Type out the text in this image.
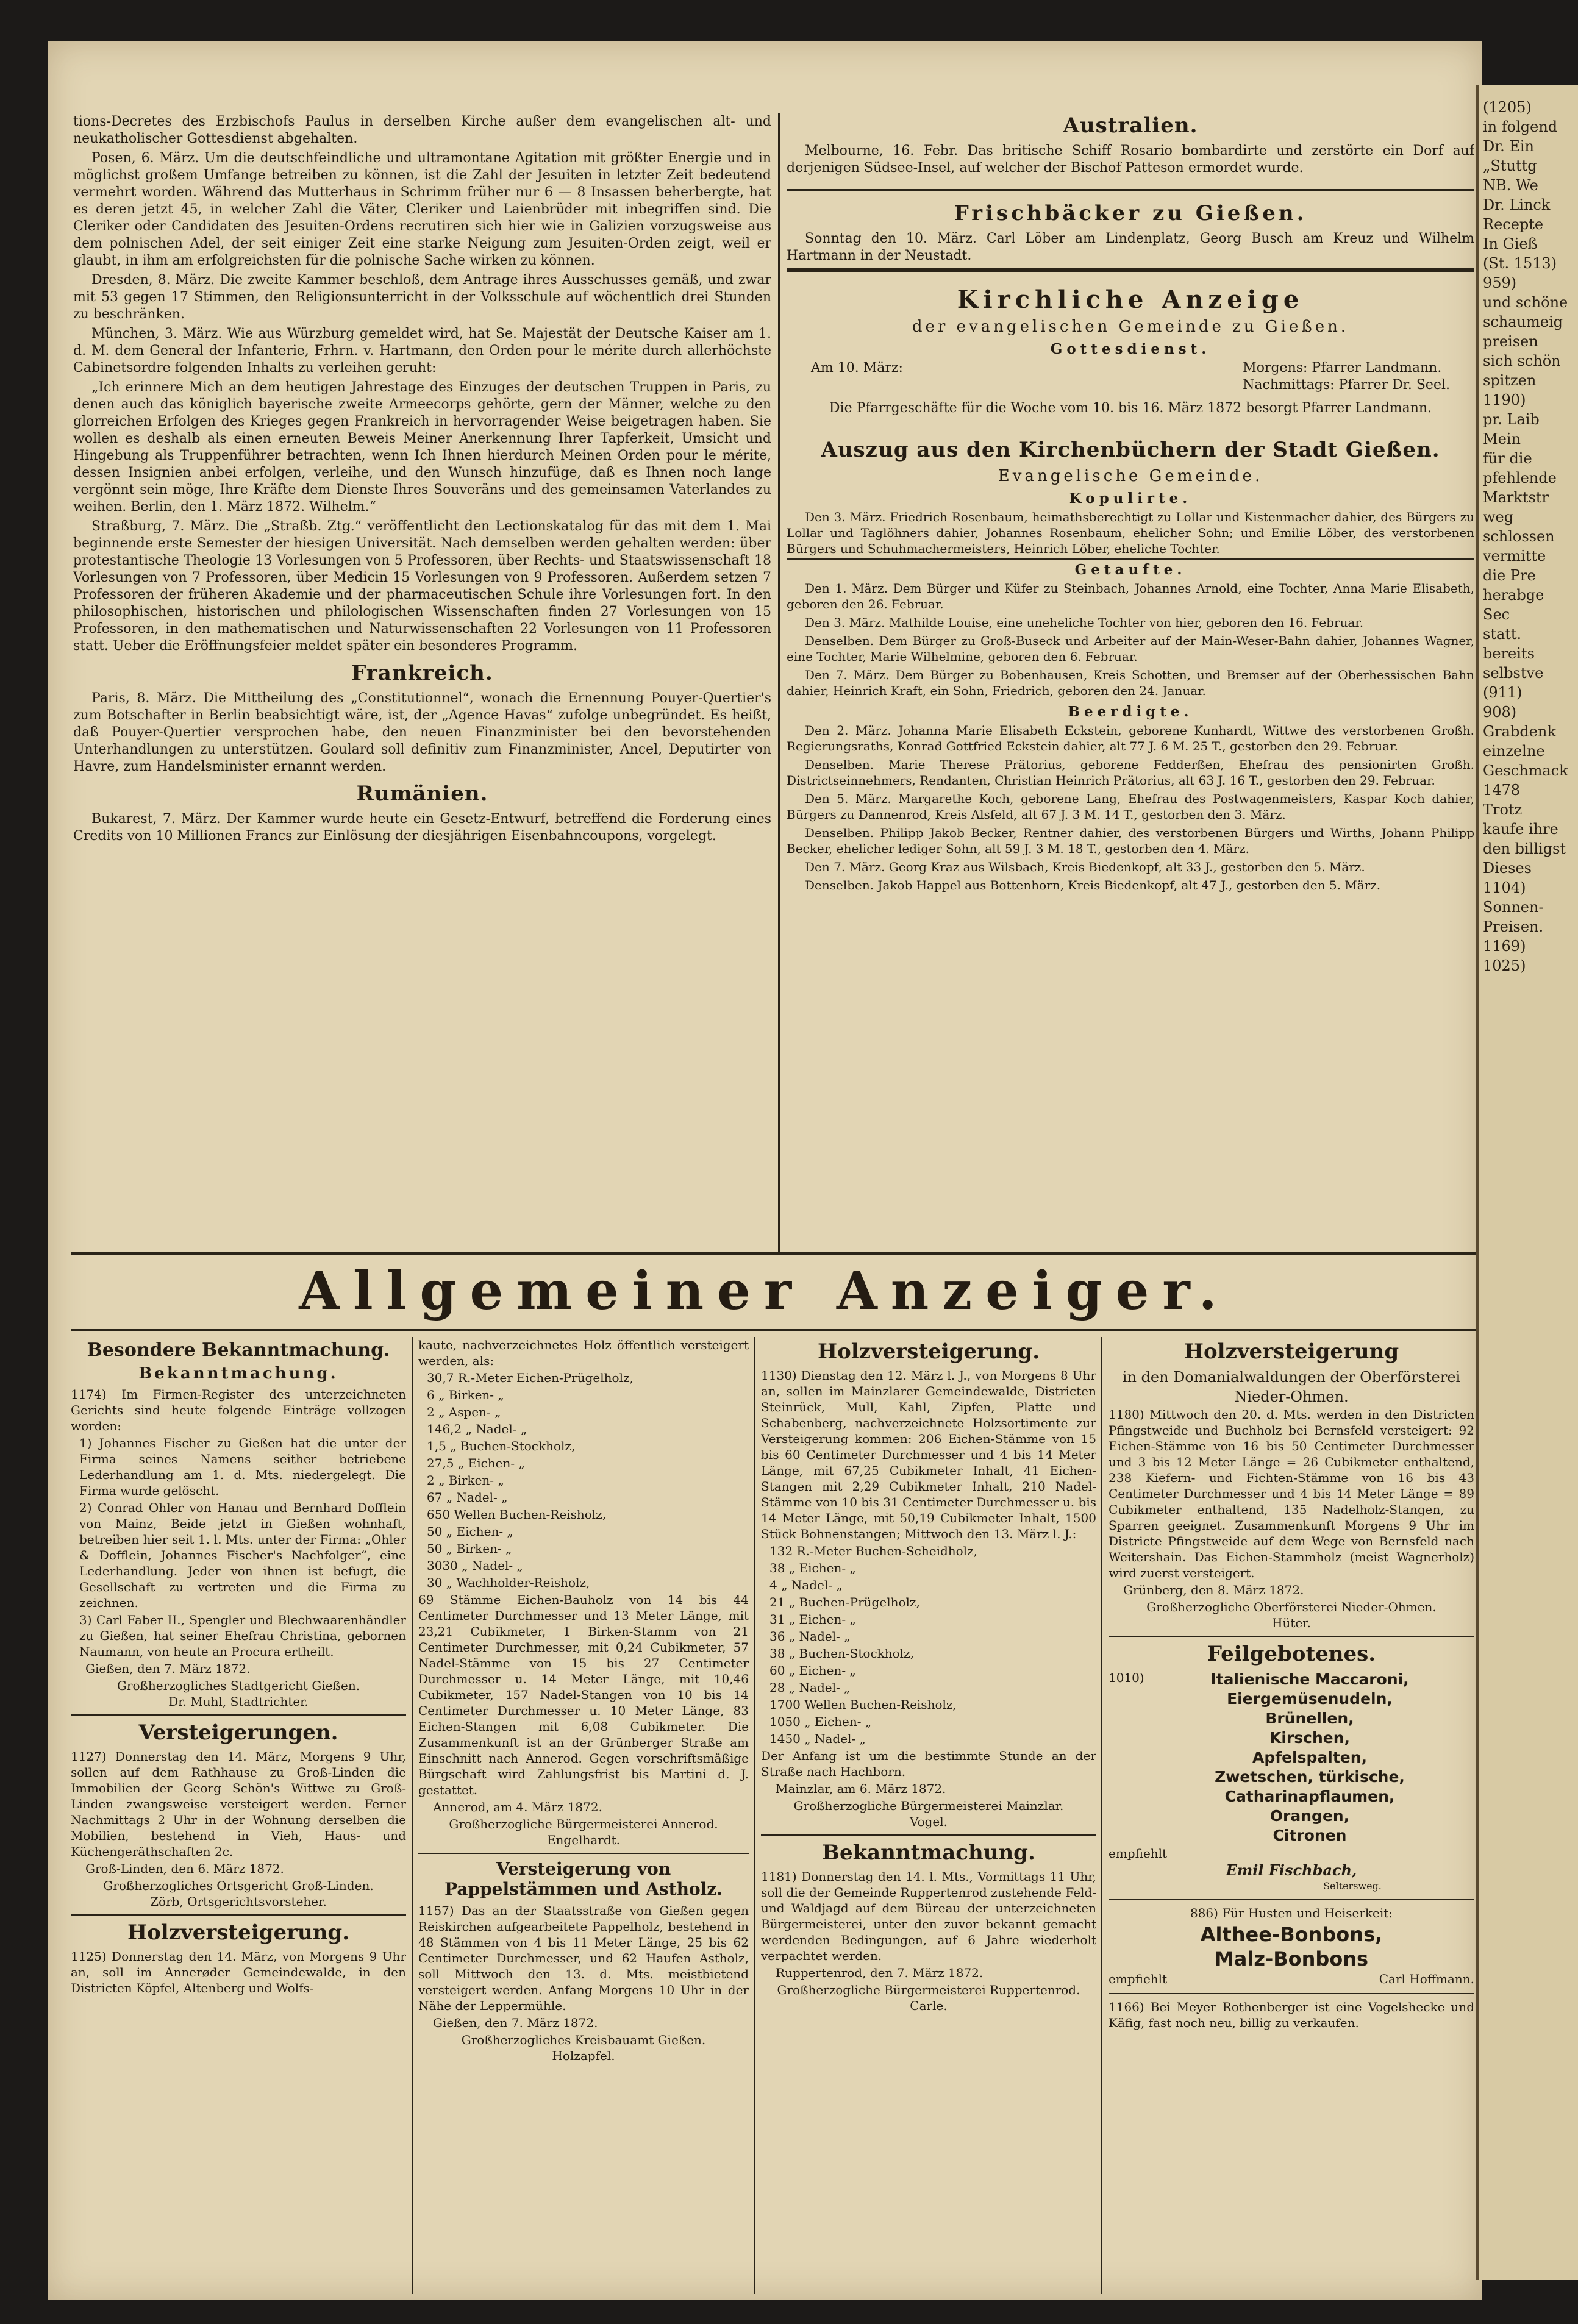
tions-Decretes des Erzbischofs Paulus in derselben Kirche außer dem evangelischen alt- und neukatholischer Gottesdienst abgehalten.

Posen, 6. März. Um die deutschfeindliche und ultramontane Agitation mit größter Energie und in möglichst großem Umfange betreiben zu können, ist die Zahl der Jesuiten in letzter Zeit bedeutend vermehrt worden. Während das Mutterhaus in Schrimm früher nur 6 — 8 Insassen beherbergte, hat es deren jetzt 45, in welcher Zahl die Väter, Cleriker und Laienbrüder mit inbegriffen sind. Die Cleriker oder Candidaten des Jesuiten-Ordens recrutiren sich hier wie in Galizien vorzugsweise aus dem polnischen Adel, der seit einiger Zeit eine starke Neigung zum Jesuiten-Orden zeigt, weil er glaubt, in ihm am erfolgreichsten für die polnische Sache wirken zu können.

Dresden, 8. März. Die zweite Kammer beschloß, dem Antrage ihres Ausschusses gemäß, und zwar mit 53 gegen 17 Stimmen, den Religionsunterricht in der Volksschule auf wöchentlich drei Stunden zu beschränken.

München, 3. März. Wie aus Würzburg gemeldet wird, hat Se. Majestät der Deutsche Kaiser am 1. d. M. dem General der Infanterie, Frhrn. v. Hartmann, den Orden pour le mérite durch allerhöchste Cabinetsordre folgenden Inhalts zu verleihen geruht:

„Ich erinnere Mich an dem heutigen Jahrestage des Einzuges der deutschen Truppen in Paris, zu denen auch das königlich bayerische zweite Armeecorps gehörte, gern der Männer, welche zu den glorreichen Erfolgen des Krieges gegen Frankreich in hervorragender Weise beigetragen haben. Sie wollen es deshalb als einen erneuten Beweis Meiner Anerkennung Ihrer Tapferkeit, Umsicht und Hingebung als Truppenführer betrachten, wenn Ich Ihnen hierdurch Meinen Orden pour le mérite, dessen Insignien anbei erfolgen, verleihe, und den Wunsch hinzufüge, daß es Ihnen noch lange vergönnt sein möge, Ihre Kräfte dem Dienste Ihres Souveräns und des gemeinsamen Vaterlandes zu weihen. Berlin, den 1. März 1872. Wilhelm.“

Straßburg, 7. März. Die „Straßb. Ztg.“ veröffentlicht den Lectionskatalog für das mit dem 1. Mai beginnende erste Semester der hiesigen Universität. Nach demselben werden gehalten werden: über protestantische Theologie 13 Vorlesungen von 5 Professoren, über Rechts- und Staatswissenschaft 18 Vorlesungen von 7 Professoren, über Medicin 15 Vorlesungen von 9 Professoren. Außerdem setzen 7 Professoren der früheren Akademie und der pharmaceutischen Schule ihre Vorlesungen fort. In den philosophischen, historischen und philologischen Wissenschaften finden 27 Vorlesungen von 15 Professoren, in den mathematischen und Naturwissenschaften 22 Vorlesungen von 11 Professoren statt. Ueber die Eröffnungsfeier meldet später ein besonderes Programm.

Frankreich.

Paris, 8. März. Die Mittheilung des „Constitutionnel“, wonach die Ernennung Pouyer-Quertier's zum Botschafter in Berlin beabsichtigt wäre, ist, der „Agence Havas“ zufolge unbegründet. Es heißt, daß Pouyer-Quertier versprochen habe, den neuen Finanzminister bei den bevorstehenden Unterhandlungen zu unterstützen. Goulard soll definitiv zum Finanzminister, Ancel, Deputirter von Havre, zum Handelsminister ernannt werden.

Rumänien.

Bukarest, 7. März. Der Kammer wurde heute ein Gesetz-Entwurf, betreffend die Forderung eines Credits von 10 Millionen Francs zur Einlösung der diesjährigen Eisenbahncoupons, vorgelegt.

Australien.

Melbourne, 16. Febr. Das britische Schiff Rosario bombardirte und zerstörte ein Dorf auf derjenigen Südsee-Insel, auf welcher der Bischof Patteson ermordet wurde.

Frischbäcker zu Gießen.

Sonntag den 10. März. Carl Löber am Lindenplatz, Georg Busch am Kreuz und Wilhelm Hartmann in der Neustadt.

Kirchliche Anzeige
der evangelischen Gemeinde zu Gießen.
Gottesdienst.
Am 10. März:	Morgens: Pfarrer Landmann.
Nachmittags: Pfarrer Dr. Seel.

Die Pfarrgeschäfte für die Woche vom 10. bis 16. März 1872 besorgt Pfarrer Landmann.

Auszug aus den Kirchenbüchern der Stadt Gießen.
Evangelische Gemeinde.
Kopulirte.

Den 3. März. Friedrich Rosenbaum, heimathsberechtigt zu Lollar und Kistenmacher dahier, des Bürgers zu Lollar und Taglöhners dahier, Johannes Rosenbaum, ehelicher Sohn; und Emilie Löber, des verstorbenen Bürgers und Schuhmachermeisters, Heinrich Löber, eheliche Tochter.

Getaufte.

Den 1. März. Dem Bürger und Küfer zu Steinbach, Johannes Arnold, eine Tochter, Anna Marie Elisabeth, geboren den 26. Februar.

Den 3. März. Mathilde Louise, eine uneheliche Tochter von hier, geboren den 16. Februar.

Denselben. Dem Bürger zu Groß-Buseck und Arbeiter auf der Main-Weser-Bahn dahier, Johannes Wagner, eine Tochter, Marie Wilhelmine, geboren den 6. Februar.

Den 7. März. Dem Bürger zu Bobenhausen, Kreis Schotten, und Bremser auf der Oberhessischen Bahn dahier, Heinrich Kraft, ein Sohn, Friedrich, geboren den 24. Januar.

Beerdigte.

Den 2. März. Johanna Marie Elisabeth Eckstein, geborene Kunhardt, Wittwe des verstorbenen Großh. Regierungsraths, Konrad Gottfried Eckstein dahier, alt 77 J. 6 M. 25 T., gestorben den 29. Februar.

Denselben. Marie Therese Prätorius, geborene Fedderßen, Ehefrau des pensionirten Großh. Districtseinnehmers, Rendanten, Christian Heinrich Prätorius, alt 63 J. 16 T., gestorben den 29. Februar.

Den 5. März. Margarethe Koch, geborene Lang, Ehefrau des Postwagenmeisters, Kaspar Koch dahier, Bürgers zu Dannenrod, Kreis Alsfeld, alt 67 J. 3 M. 14 T., gestorben den 3. März.

Denselben. Philipp Jakob Becker, Rentner dahier, des verstorbenen Bürgers und Wirths, Johann Philipp Becker, ehelicher lediger Sohn, alt 59 J. 3 M. 18 T., gestorben den 4. März.

Den 7. März. Georg Kraz aus Wilsbach, Kreis Biedenkopf, alt 33 J., gestorben den 5. März.

Denselben. Jakob Happel aus Bottenhorn, Kreis Biedenkopf, alt 47 J., gestorben den 5. März.

Allgemeiner Anzeiger.
Besondere Bekanntmachung.
Bekanntmachung.

1174) Im Firmen-Register des unterzeichneten Gerichts sind heute folgende Einträge vollzogen worden:

1) Johannes Fischer zu Gießen hat die unter der Firma seines Namens seither betriebene Lederhandlung am 1. d. Mts. niedergelegt. Die Firma wurde gelöscht.

2) Conrad Ohler von Hanau und Bernhard Dofflein von Mainz, Beide jetzt in Gießen wohnhaft, betreiben hier seit 1. l. Mts. unter der Firma: „Ohler & Dofflein, Johannes Fischer's Nachfolger“, eine Lederhandlung. Jeder von ihnen ist befugt, die Gesellschaft zu vertreten und die Firma zu zeichnen.

3) Carl Faber II., Spengler und Blechwaarenhändler zu Gießen, hat seiner Ehefrau Christina, gebornen Naumann, von heute an Procura ertheilt.

Gießen, den 7. März 1872.

Großherzogliches Stadtgericht Gießen.
Dr. Muhl, Stadtrichter.
Versteigerungen.

1127) Donnerstag den 14. März, Morgens 9 Uhr, sollen auf dem Rathhause zu Groß-Linden die Immobilien der Georg Schön's Wittwe zu Groß-Linden zwangsweise versteigert werden. Ferner Nachmittags 2 Uhr in der Wohnung derselben die Mobilien, bestehend in Vieh, Haus- und Küchengeräthschaften 2c.

Groß-Linden, den 6. März 1872.

Großherzogliches Ortsgericht Groß-Linden.
Zörb, Ortsgerichtsvorsteher.
Holzversteigerung.

1125) Donnerstag den 14. März, von Morgens 9 Uhr an, soll im Annerøder Gemeindewalde, in den Districten Köpfel, Altenberg und Wolfs-

kaute, nachverzeichnetes Holz öffentlich versteigert werden, als:

30,7 R.-Meter Eichen-Prügelholz,
6 „ Birken- „
2 „ Aspen- „
146,2 „ Nadel- „
1,5 „ Buchen-Stockholz,
27,5 „ Eichen- „
2 „ Birken- „
67 „ Nadel- „
650 Wellen Buchen-Reisholz,
50 „ Eichen- „
50 „ Birken- „
3030 „ Nadel- „
30 „ Wachholder-Reisholz,

69 Stämme Eichen-Bauholz von 14 bis 44 Centimeter Durchmesser und 13 Meter Länge, mit 23,21 Cubikmeter, 1 Birken-Stamm von 21 Centimeter Durchmesser, mit 0,24 Cubikmeter, 57 Nadel-Stämme von 15 bis 27 Centimeter Durchmesser u. 14 Meter Länge, mit 10,46 Cubikmeter, 157 Nadel-Stangen von 10 bis 14 Centimeter Durchmesser u. 10 Meter Länge, 83 Eichen-Stangen mit 6,08 Cubikmeter. Die Zusammenkunft ist an der Grünberger Straße am Einschnitt nach Annerod. Gegen vorschriftsmäßige Bürgschaft wird Zahlungsfrist bis Martini d. J. gestattet.

Annerod, am 4. März 1872.

Großherzogliche Bürgermeisterei Annerod.
Engelhardt.
Versteigerung von Pappelstämmen und Astholz.

1157) Das an der Staatsstraße von Gießen gegen Reiskirchen aufgearbeitete Pappelholz, bestehend in 48 Stämmen von 4 bis 11 Meter Länge, 25 bis 62 Centimeter Durchmesser, und 62 Haufen Astholz, soll Mittwoch den 13. d. Mts. meistbietend versteigert werden. Anfang Morgens 10 Uhr in der Nähe der Leppermühle.

Gießen, den 7. März 1872.

Großherzogliches Kreisbauamt Gießen.
Holzapfel.
Holzversteigerung.

1130) Dienstag den 12. März l. J., von Morgens 8 Uhr an, sollen im Mainzlarer Gemeindewalde, Districten Steinrück, Mull, Kahl, Zipfen, Platte und Schabenberg, nachverzeichnete Holzsortimente zur Versteigerung kommen: 206 Eichen-Stämme von 15 bis 60 Centimeter Durchmesser und 4 bis 14 Meter Länge, mit 67,25 Cubikmeter Inhalt, 41 Eichen-Stangen mit 2,29 Cubikmeter Inhalt, 210 Nadel-Stämme von 10 bis 31 Centimeter Durchmesser u. bis 14 Meter Länge, mit 50,19 Cubikmeter Inhalt, 1500 Stück Bohnenstangen; Mittwoch den 13. März l. J.:

132 R.-Meter Buchen-Scheidholz,
38 „ Eichen- „
4 „ Nadel- „
21 „ Buchen-Prügelholz,
31 „ Eichen- „
36 „ Nadel- „
38 „ Buchen-Stockholz,
60 „ Eichen- „
28 „ Nadel- „
1700 Wellen Buchen-Reisholz,
1050 „ Eichen- „
1450 „ Nadel- „

Der Anfang ist um die bestimmte Stunde an der Straße nach Hachborn.

Mainzlar, am 6. März 1872.

Großherzogliche Bürgermeisterei Mainzlar.
Vogel.
Bekanntmachung.

1181) Donnerstag den 14. l. Mts., Vormittags 11 Uhr, soll die der Gemeinde Ruppertenrod zustehende Feld- und Waldjagd auf dem Büreau der unterzeichneten Bürgermeisterei, unter den zuvor bekannt gemacht werdenden Bedingungen, auf 6 Jahre wiederholt verpachtet werden.

Ruppertenrod, den 7. März 1872.

Großherzogliche Bürgermeisterei Ruppertenrod.
Carle.
Holzversteigerung
in den Domanialwaldungen der Oberförsterei Nieder-Ohmen.

1180) Mittwoch den 20. d. Mts. werden in den Districten Pfingstweide und Buchholz bei Bernsfeld versteigert: 92 Eichen-Stämme von 16 bis 50 Centimeter Durchmesser und 3 bis 12 Meter Länge = 26 Cubikmeter enthaltend, 238 Kiefern- und Fichten-Stämme von 16 bis 43 Centimeter Durchmesser und 4 bis 14 Meter Länge = 89 Cubikmeter enthaltend, 135 Nadelholz-Stangen, zu Sparren geeignet. Zusammenkunft Morgens 9 Uhr im Districte Pfingstweide auf dem Wege von Bernsfeld nach Weitershain. Das Eichen-Stammholz (meist Wagnerholz) wird zuerst versteigert.

Grünberg, den 8. März 1872.

Großherzogliche Oberförsterei Nieder-Ohmen.
Hüter.
Feilgebotenes.
1010)	Italienische Maccaroni,
Eiergemüsenudeln,
Brünellen,
Kirschen,
Apfelspalten,
Zwetschen, türkische,
Catharinapflaumen,
Orangen,
Citronen

empfiehlt

Emil Fischbach,
Seltersweg.

886) Für Husten und Heiserkeit:

Althee-Bonbons,
Malz-Bonbons
empfiehlt	Carl Hoffmann.

1166) Bei Meyer Rothenberger ist eine Vogelshecke und Käfig, fast noch neu, billig zu verkaufen.

(1205)
in folgend
Dr. Ein
„Stuttg
NB. We
Dr. Linck
Recepte
In Gieß
(St. 1513)
959)
und schöne
schaumeig
preisen
sich schön
spitzen
1190)
pr. Laib
Mein
für die
pfehlende
Marktstr
weg
schlossen
vermitte
die Pre
herabge
Sec
statt.
bereits
selbstve
(911)
908)
Grabdenk
einzelne
Geschmack
1478
Trotz
kaufe ihre
den billigst
Dieses
1104)
Sonnen-
Preisen.
1169)
1025)
